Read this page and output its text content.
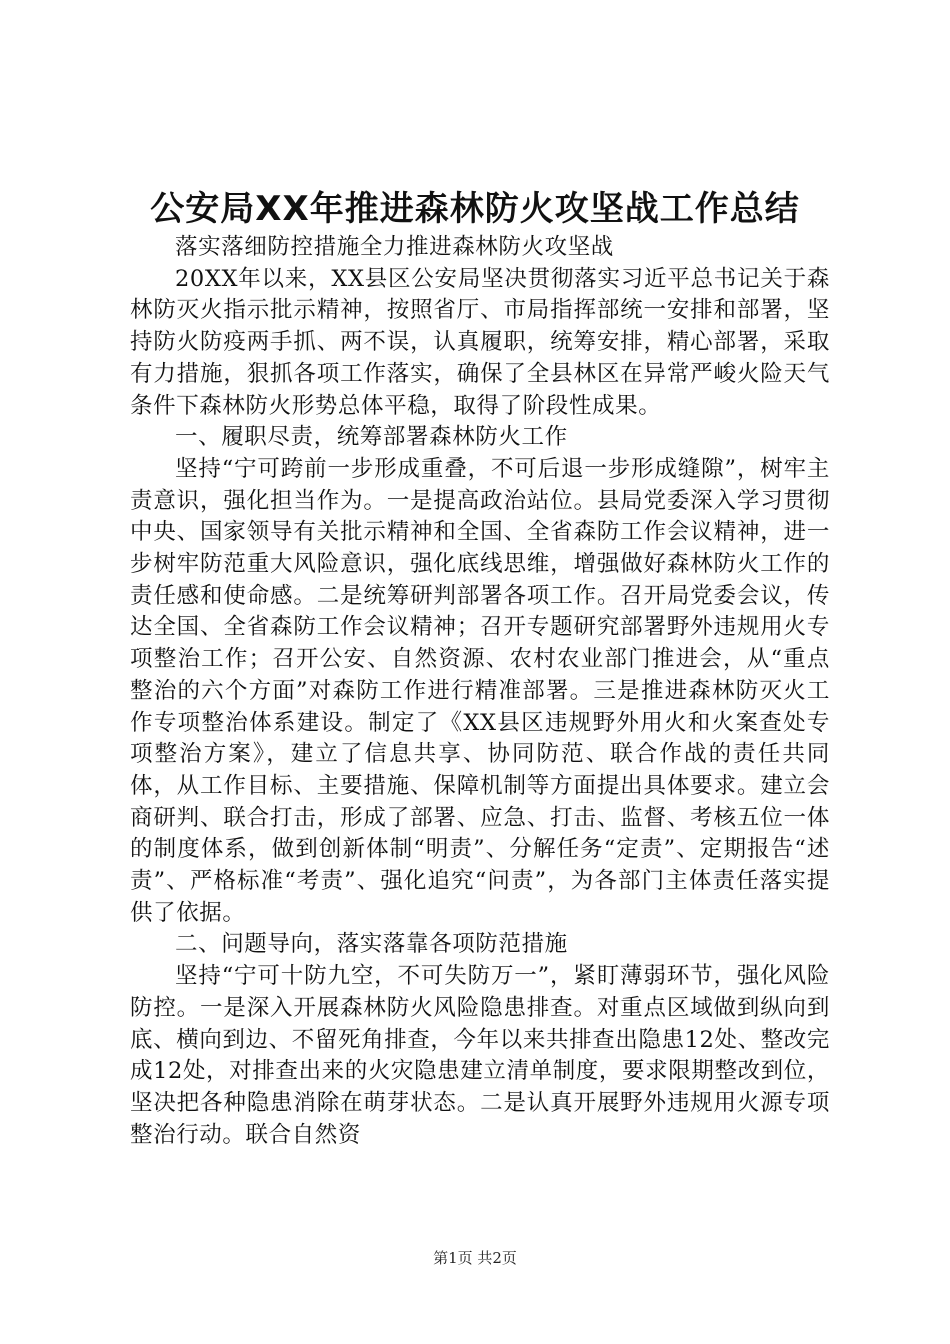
公安局XX年推进森林防火攻坚战工作总结

落实落细防控措施全力推进森林防火攻坚战

20XX年以来，XX县区公安局坚决贯彻落实习近平总书记关于森林防灭火指示批示精神，按照省厅、市局指挥部统一安排和部署，坚持防火防疫两手抓、两不误，认真履职，统筹安排，精心部署，采取有力措施，狠抓各项工作落实，确保了全县林区在异常严峻火险天气条件下森林防火形势总体平稳，取得了阶段性成果。

一、履职尽责，统筹部署森林防火工作

坚持“宁可跨前一步形成重叠，不可后退一步形成缝隙”，树牢主责意识，强化担当作为。一是提高政治站位。县局党委深入学习贯彻中央、国家领导有关批示精神和全国、全省森防工作会议精神，进一步树牢防范重大风险意识，强化底线思维，增强做好森林防火工作的责任感和使命感。二是统筹研判部署各项工作。召开局党委会议，传达全国、全省森防工作会议精神；召开专题研究部署野外违规用火专项整治工作；召开公安、自然资源、农村农业部门推进会，从“重点整治的六个方面”对森防工作进行精准部署。三是推进森林防灭火工作专项整治体系建设。制定了《XX县区违规野外用火和火案查处专项整治方案》，建立了信息共享、协同防范、联合作战的责任共同体，从工作目标、主要措施、保障机制等方面提出具体要求。建立会商研判、联合打击，形成了部署、应急、打击、监督、考核五位一体的制度体系，做到创新体制“明责”、分解任务“定责”、定期报告“述责”、严格标准“考责”、强化追究“问责”，为各部门主体责任落实提供了依据。

二、问题导向，落实落靠各项防范措施

坚持“宁可十防九空，不可失防万一”，紧盯薄弱环节，强化风险防控。一是深入开展森林防火风险隐患排查。对重点区域做到纵向到底、横向到边、不留死角排查，今年以来共排查出隐患12处、整改完成12处，对排查出来的火灾隐患建立清单制度，要求限期整改到位，坚决把各种隐患消除在萌芽状态。二是认真开展野外违规用火源专项整治行动。联合自然资

第1页 共2页
